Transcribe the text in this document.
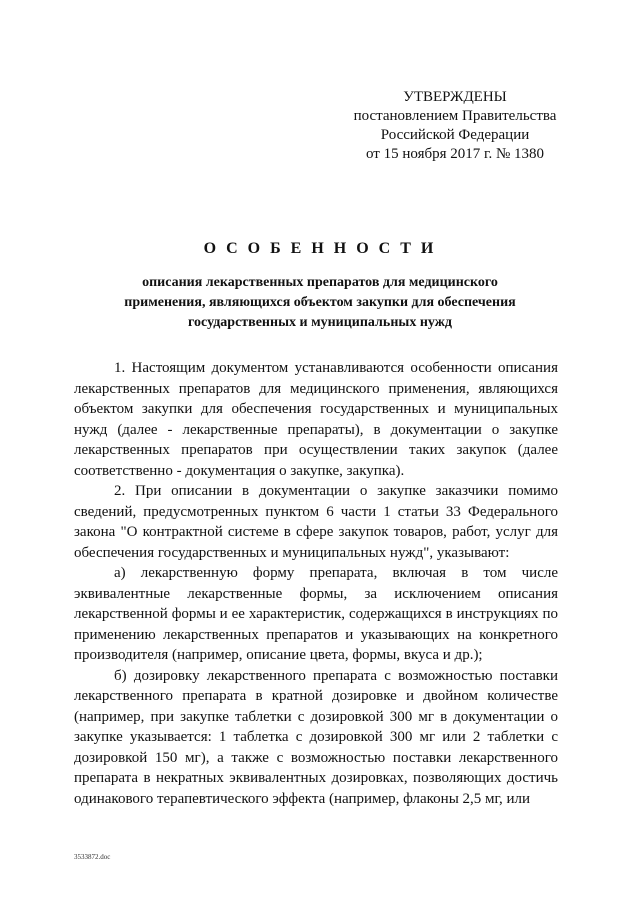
УТВЕРЖДЕНЫ
постановлением Правительства
Российской Федерации
от 15 ноября 2017 г. № 1380
О С О Б Е Н Н О С Т И
описания лекарственных препаратов для медицинского
применения, являющихся объектом закупки для обеспечения
государственных и муниципальных нужд

1. Настоящим документом устанавливаются особенности описания лекарственных препаратов для медицинского применения, являющихся объектом закупки для обеспечения государственных и муниципальных нужд (далее - лекарственные препараты), в документации о закупке лекарственных препаратов при осуществлении таких закупок (далее соответственно - документация о закупке, закупка).

2. При описании в документации о закупке заказчики помимо сведений, предусмотренных пунктом 6 части 1 статьи 33 Федерального закона "О контрактной системе в сфере закупок товаров, работ, услуг для обеспечения государственных и муниципальных нужд", указывают:

а) лекарственную форму препарата, включая в том числе эквивалентные лекарственные формы, за исключением описания лекарственной формы и ее характеристик, содержащихся в инструкциях по применению лекарственных препаратов и указывающих на конкретного производителя (например, описание цвета, формы, вкуса и др.);

б) дозировку лекарственного препарата с возможностью поставки лекарственного препарата в кратной дозировке и двойном количестве (например, при закупке таблетки с дозировкой 300 мг в документации о закупке указывается: 1 таблетка с дозировкой 300 мг или 2 таблетки с дозировкой 150 мг), а также с возможностью поставки лекарственного препарата в некратных эквивалентных дозировках, позволяющих достичь одинакового терапевтического эффекта (например, флаконы 2,5 мг, или

3533872.doc
